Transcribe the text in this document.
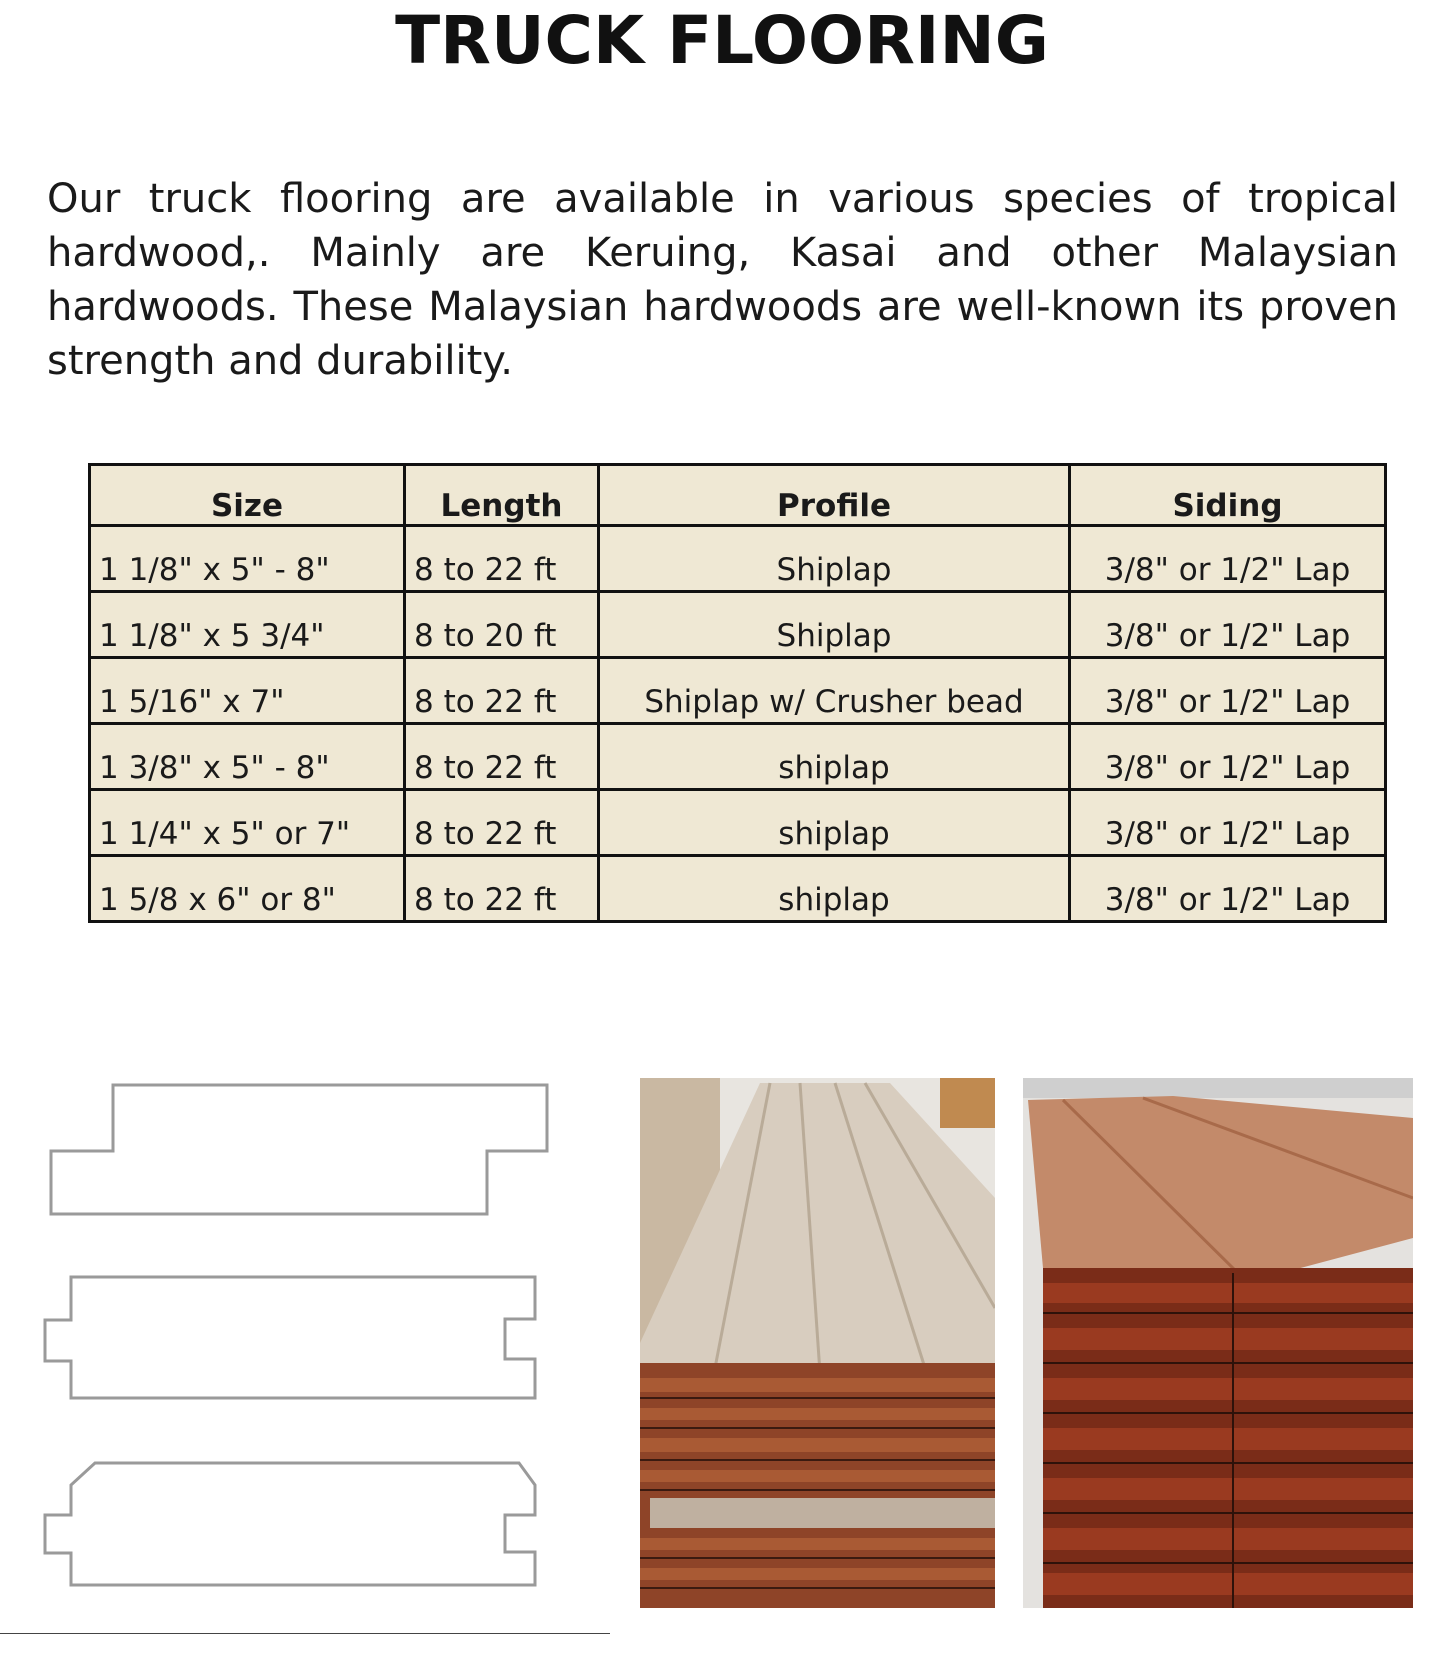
TRUCK FLOORING

Our truck flooring are available in various species of tropical hardwood,. Mainly are Keruing, Kasai and other Malaysian hardwoods. These Malaysian hardwoods are well-known its proven strength and durability.

Size	Length	Profile	Siding
1 1/8" x 5" - 8"	8 to 22 ft	Shiplap	3/8" or 1/2" Lap
1 1/8" x 5 3/4"	8 to 20 ft	Shiplap	3/8" or 1/2" Lap
1 5/16" x 7"	8 to 22 ft	Shiplap w/ Crusher bead	3/8" or 1/2" Lap
1 3/8" x 5" - 8"	8 to 22 ft	shiplap	3/8" or 1/2" Lap
1 1/4" x 5" or 7"	8 to 22 ft	shiplap	3/8" or 1/2" Lap
1 5/8 x 6" or 8"	8 to 22 ft	shiplap	3/8" or 1/2" Lap
